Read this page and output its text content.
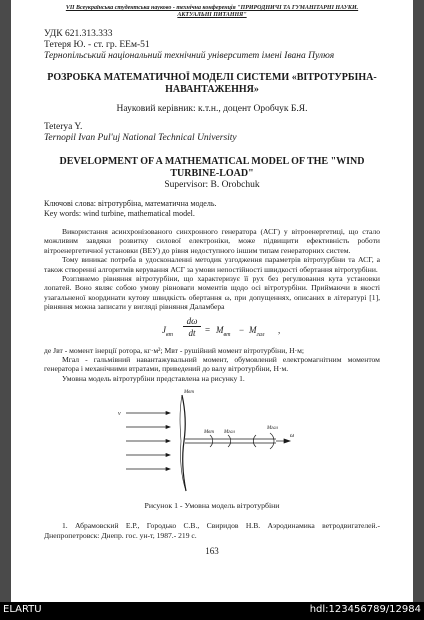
VII Всеукраїнська студентська науково - технічна конференція "ПРИРОДНИЧІ ТА ГУМАНІТАРНІ НАУКИ. АКТУАЛЬНІ ПИТАННЯ"
УДК 621.313.333
Тетеря Ю. - ст. гр. ЕЕм-51
Тернопільський національний технічний університет імені Івана Пулюя
РОЗРОБКА МАТЕМАТИЧНОЇ МОДЕЛІ СИСТЕМИ «ВІТРОТУРБІНА-НАВАНТАЖЕННЯ»
Науковий керівник: к.т.н., доцент Оробчук Б.Я.
Teterya Y.
Ternopil Ivan Pul'uj National Technical University
DEVELOPMENT OF A MATHEMATICAL MODEL OF THE "WIND TURBINE-LOAD"
Supervisor: B. Orobchuk
Ключові слова: вітротурбіна, математична модель.
Key words: wind turbine, mathematical model.
Використання асинхронізованого синхронного генератора (АСГ) у вітроенергетиці, що стало можливим завдяки розвитку силової електроніки, може підвищити ефективність роботи вітроенергетичної установки (ВЕУ) до рівня недоступного іншим типам генераторних систем.
Тому виникає потреба в удосконаленні методик узгодження параметрів вітротурбіни та АСГ, а також створенні алгоритмів керування АСГ за умови непостійності швидкості обертання вітротурбіни.
Розглянемо рівняння вітротурбіни, що характеризує її рух без регулювання кута установки лопатей. Воно являє собою умову рівноваги моментів щодо осі вітротурбіни. Приймаючи в якості узагальненої координати кутову швидкість обертання ω, при допущеннях, описаних в літературі [1], рівняння можна записати у вигляді рівняння Даламбера
$J_{вт}$
dω
dt	= $M_{вт} - M_{гал}$ ,
де Jвт - момент інерції ротора, кг·м²; Mвт - рушійний момент вітротурбіни, Н·м;
Mгал - гальмівний навантажувальний момент, обумовлений електромагнітним моментом генератора і механічними втратами, приведений до валу вітротурбіни, Н·м.
Умовна модель вітротурбіни представлена на рисунку 1.
v
Mвт
Mвт Mгал
Mгал
ω
Рисунок 1 - Умовна модель вітротурбіни
1. Абрамовский Е.Р., Городько С.В., Свиридов Н.В. Аэродинамика ветродвигателей.- Днепропетровск: Днепр. гос. ун-т, 1987.- 219 с.
163
ELARTU	hdl:123456789/12984
